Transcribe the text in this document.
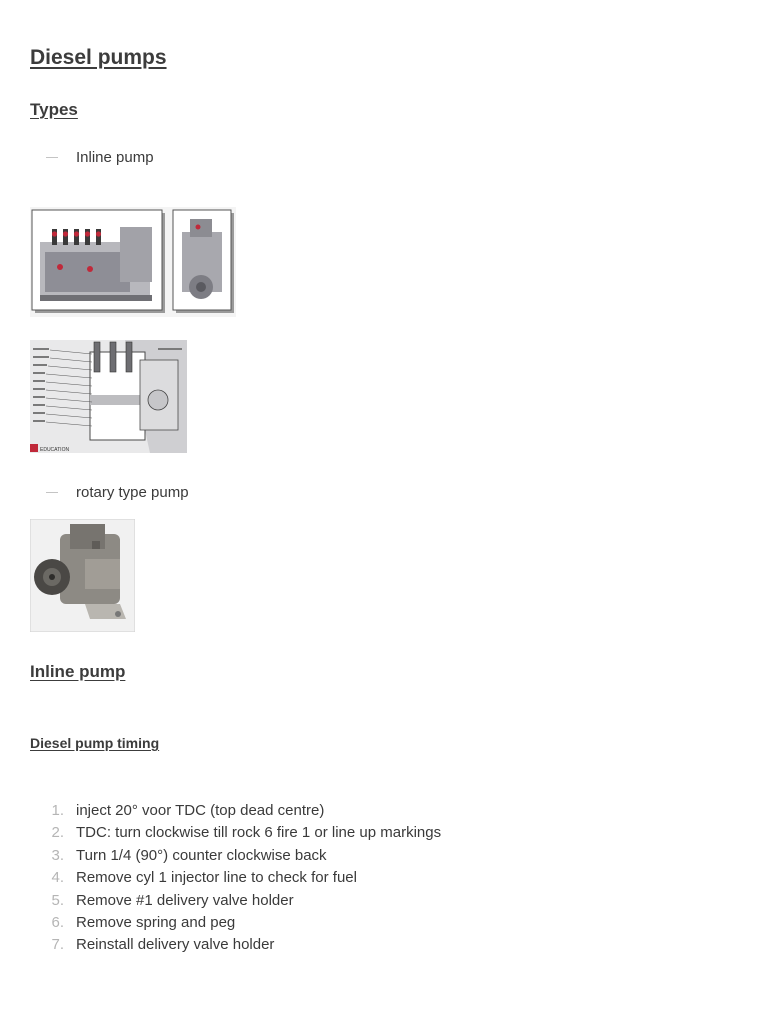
Diesel pumps
Types
Inline pump
EDUCATION
rotary type pump
Inline pump
Diesel pump timing
1. inject 20° voor TDC (top dead centre)
2. TDC: turn clockwise till rock 6 fire 1 or line up markings
3. Turn 1/4 (90°) counter clockwise back
4. Remove cyl 1 injector line to check for fuel
5. Remove #1 delivery valve holder
6. Remove spring and peg
7. Reinstall delivery valve holder
